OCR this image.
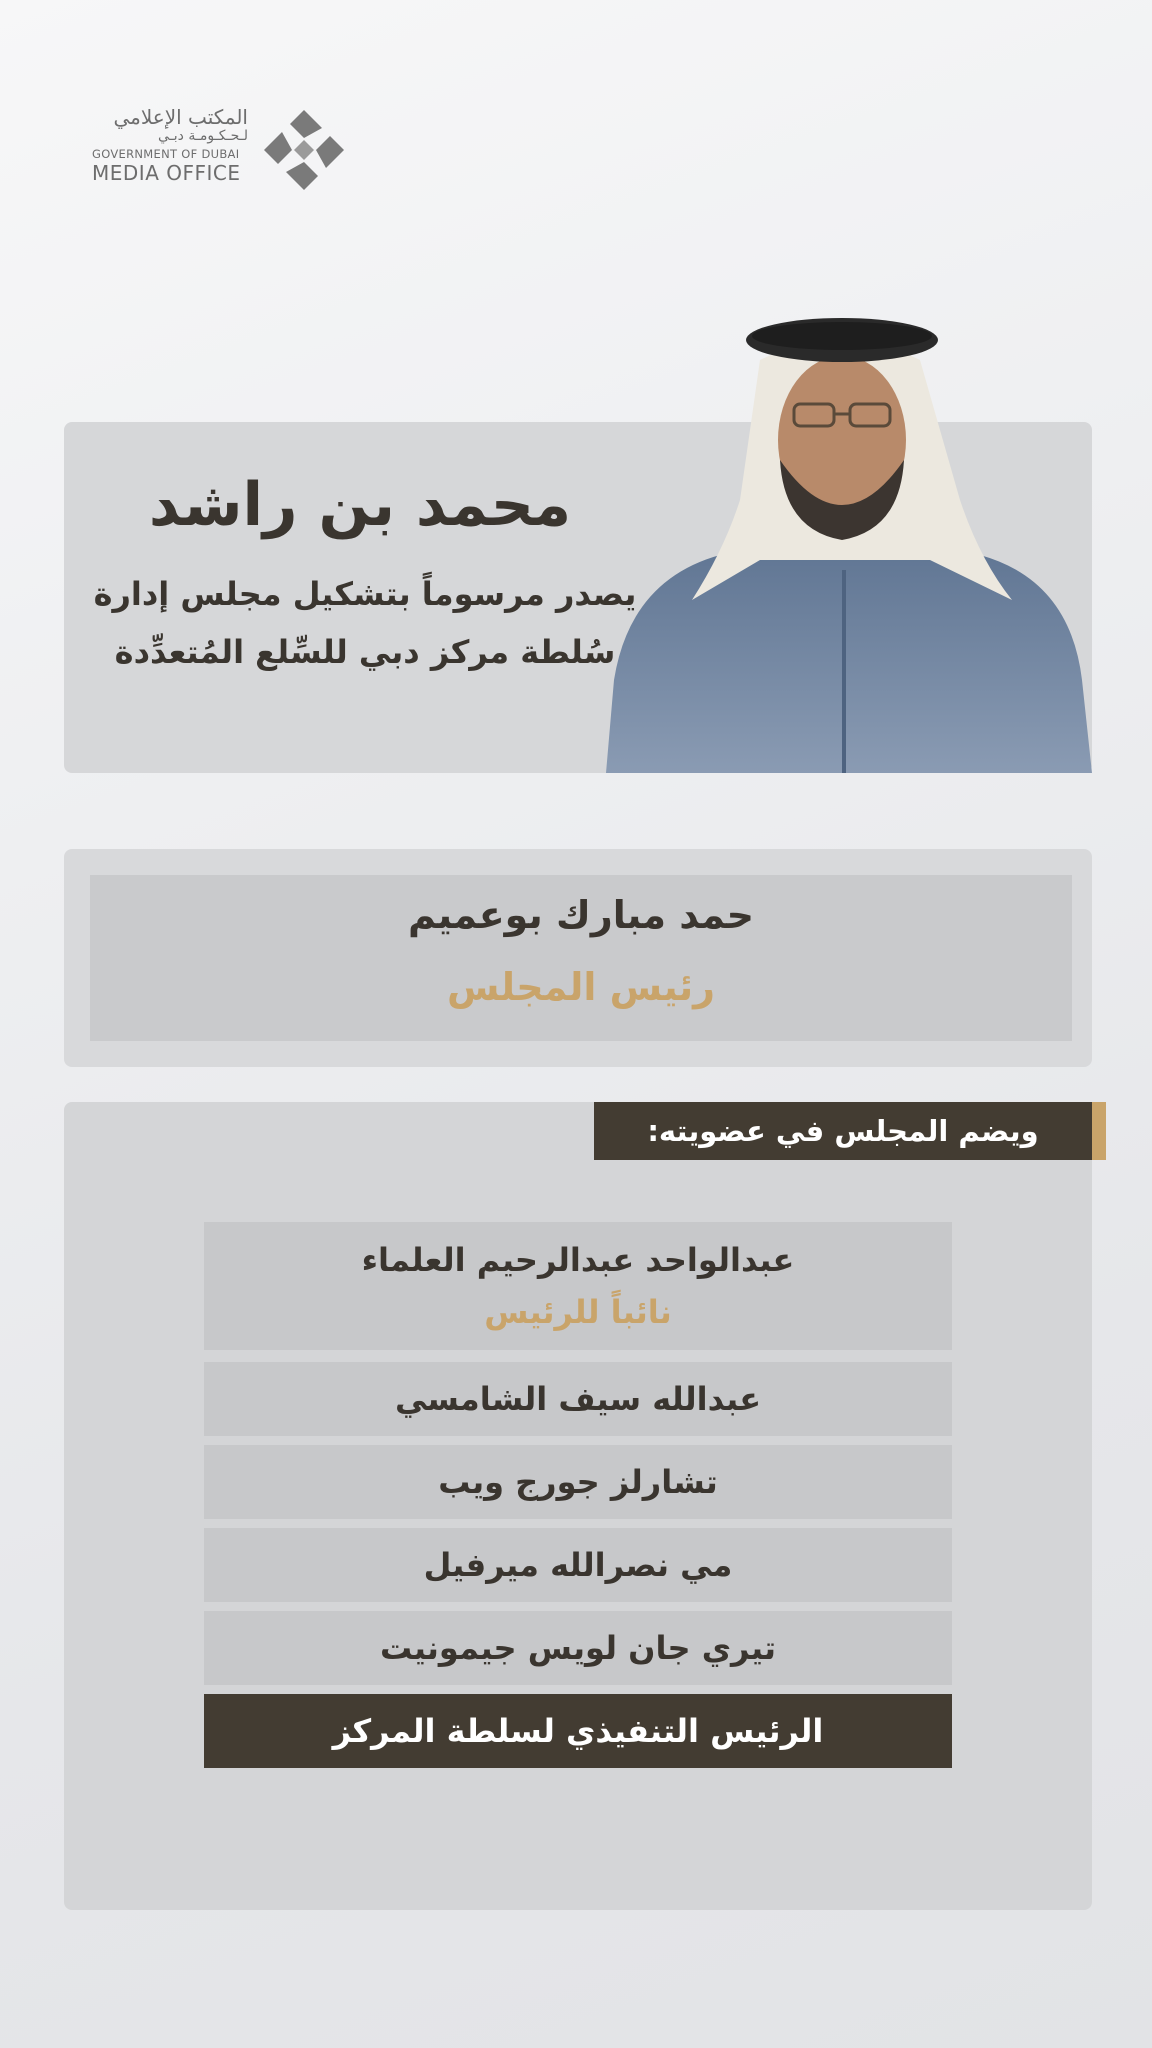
المكتب الإعلامي
لـحـكـومـة دبـي
GOVERNMENT OF DUBAI
MEDIA OFFICE
محمد بن راشد
يصدر مرسوماً بتشكيل مجلس إدارة
سُلطة مركز دبي للسِّلع المُتعدِّدة
حمد مبارك بوعميم
رئيس المجلس
ويضم المجلس في عضويته:
عبدالواحد عبدالرحيم العلماء
نائباً للرئيس
عبدالله سيف الشامسي
تشارلز جورج ويب
مي نصرالله ميرفيل
تيري جان لويس جيمونيت
الرئيس التنفيذي لسلطة المركز
